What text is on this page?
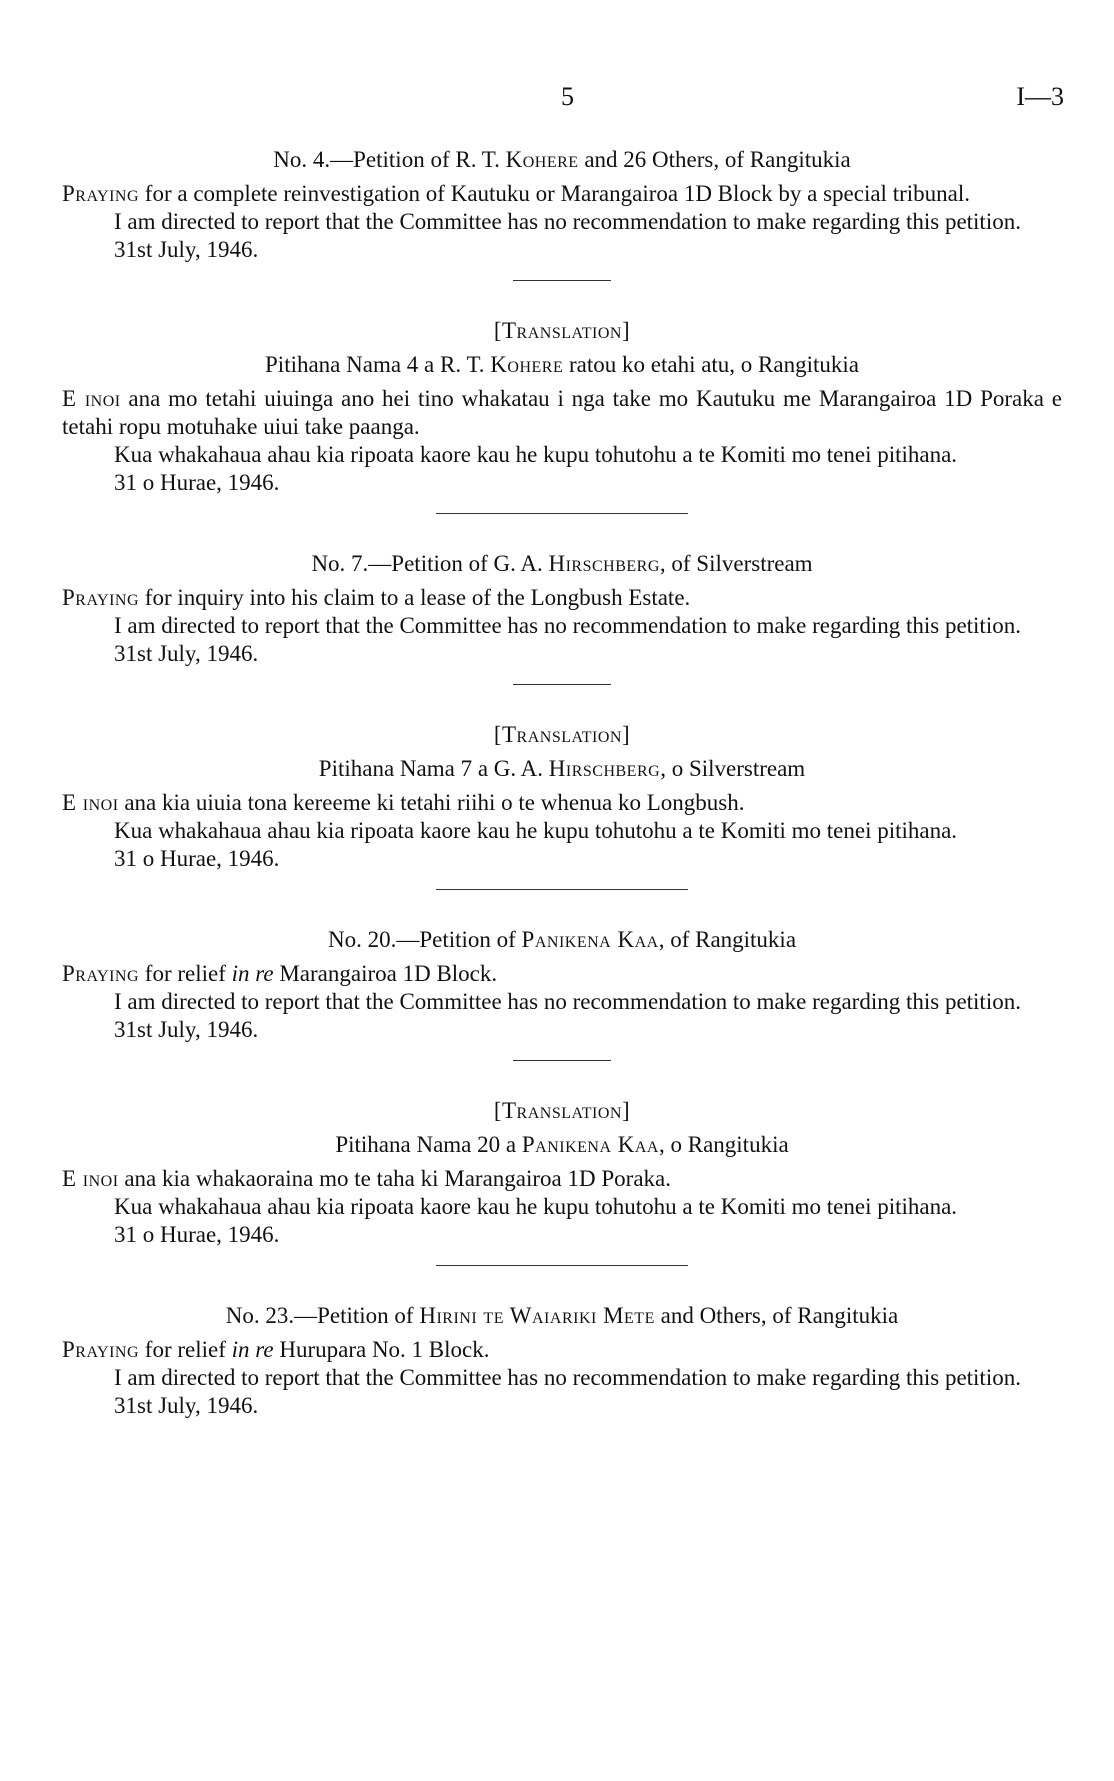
5	I—3

No. 4.—Petition of R. T. Kohere and 26 Others, of Rangitukia

Praying for a complete reinvestigation of Kautuku or Marangairoa 1D Block by a special tribunal.

I am directed to report that the Committee has no recommendation to make regarding this petition.

31st July, 1946.

[Translation]

Pitihana Nama 4 a R. T. Kohere ratou ko etahi atu, o Rangitukia

E inoi ana mo tetahi uiuinga ano hei tino whakatau i nga take mo Kautuku me Marangairoa 1D Poraka e tetahi ropu motuhake uiui take paanga.

Kua whakahaua ahau kia ripoata kaore kau he kupu tohutohu a te Komiti mo tenei pitihana.

31 o Hurae, 1946.

No. 7.—Petition of G. A. Hirschberg, of Silverstream

Praying for inquiry into his claim to a lease of the Longbush Estate.

I am directed to report that the Committee has no recommendation to make regarding this petition.

31st July, 1946.

[Translation]

Pitihana Nama 7 a G. A. Hirschberg, o Silverstream

E inoi ana kia uiuia tona kereeme ki tetahi riihi o te whenua ko Longbush.

Kua whakahaua ahau kia ripoata kaore kau he kupu tohutohu a te Komiti mo tenei pitihana.

31 o Hurae, 1946.

No. 20.—Petition of Panikena Kaa, of Rangitukia

Praying for relief in re Marangairoa 1D Block.

I am directed to report that the Committee has no recommendation to make regarding this petition.

31st July, 1946.

[Translation]

Pitihana Nama 20 a Panikena Kaa, o Rangitukia

E inoi ana kia whakaoraina mo te taha ki Marangairoa 1D Poraka.

Kua whakahaua ahau kia ripoata kaore kau he kupu tohutohu a te Komiti mo tenei pitihana.

31 o Hurae, 1946.

No. 23.—Petition of Hirini te Waiariki Mete and Others, of Rangitukia

Praying for relief in re Hurupara No. 1 Block.

I am directed to report that the Committee has no recommendation to make regarding this petition.

31st July, 1946.
